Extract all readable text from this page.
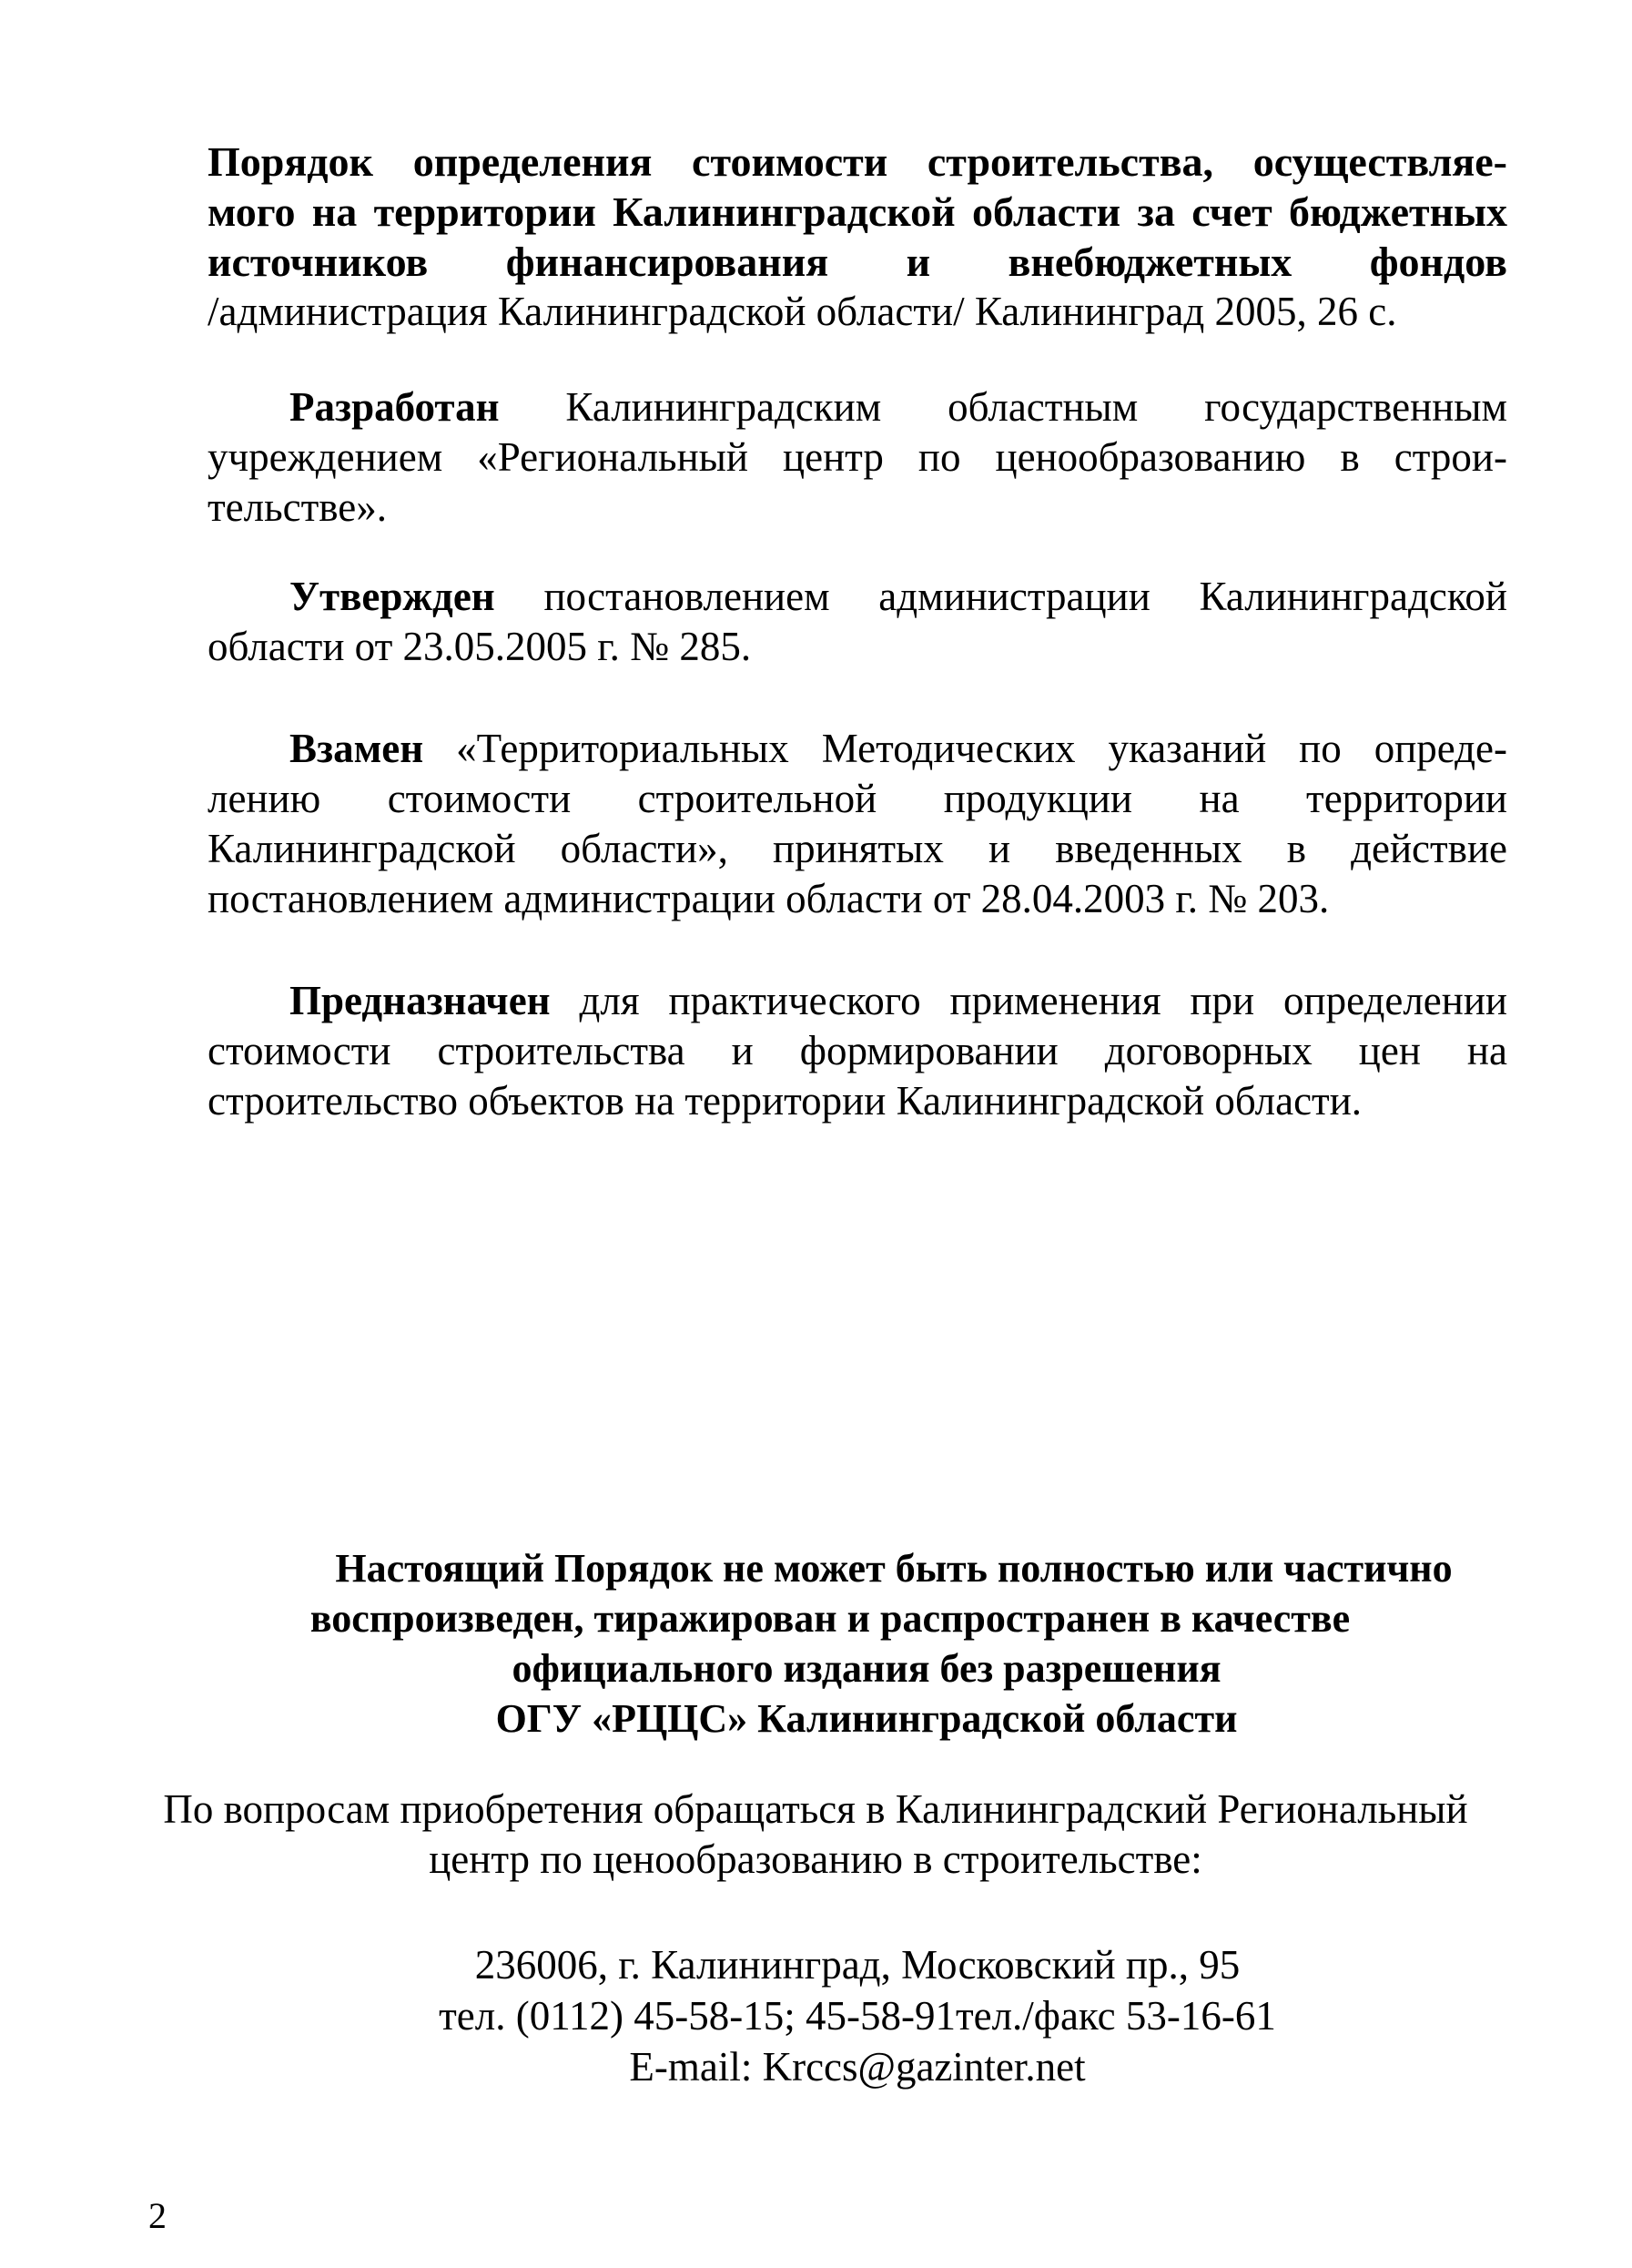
Порядок определения стоимости строительства, осуществляе-
мого на территории Калининградской области за счет бюджетных
источников финансирования и внебюджетных фондов
/администрация Калининградской области/ Калининград 2005, 26 с.
Разработан Калининградским областным государственным
учреждением «Региональный центр по ценообразованию в строи-
тельстве».
Утвержден постановлением администрации Калининградской
области от 23.05.2005 г. № 285.
Взамен «Территориальных Методических указаний по опреде-
лению стоимости строительной продукции на территории
Калининградской области», принятых и введенных в действие
постановлением администрации области от 28.04.2003 г. № 203.
Предназначен для практического применения при определении
стоимости строительства и формировании договорных цен на
строительство объектов на территории Калининградской области.
Настоящий Порядок не может быть полностью или частично
воспроизведен, тиражирован и распространен в качестве
официального издания без разрешения
ОГУ «РЦЦС» Калининградской области
По вопросам приобретения обращаться в Калининградский Региональный
центр по ценообразованию в строительстве:
236006, г. Калининград, Московский пр., 95
тел. (0112) 45-58-15; 45-58-91тел./факс 53-16-61
E-mail: Krccs@gazinter.net
2
